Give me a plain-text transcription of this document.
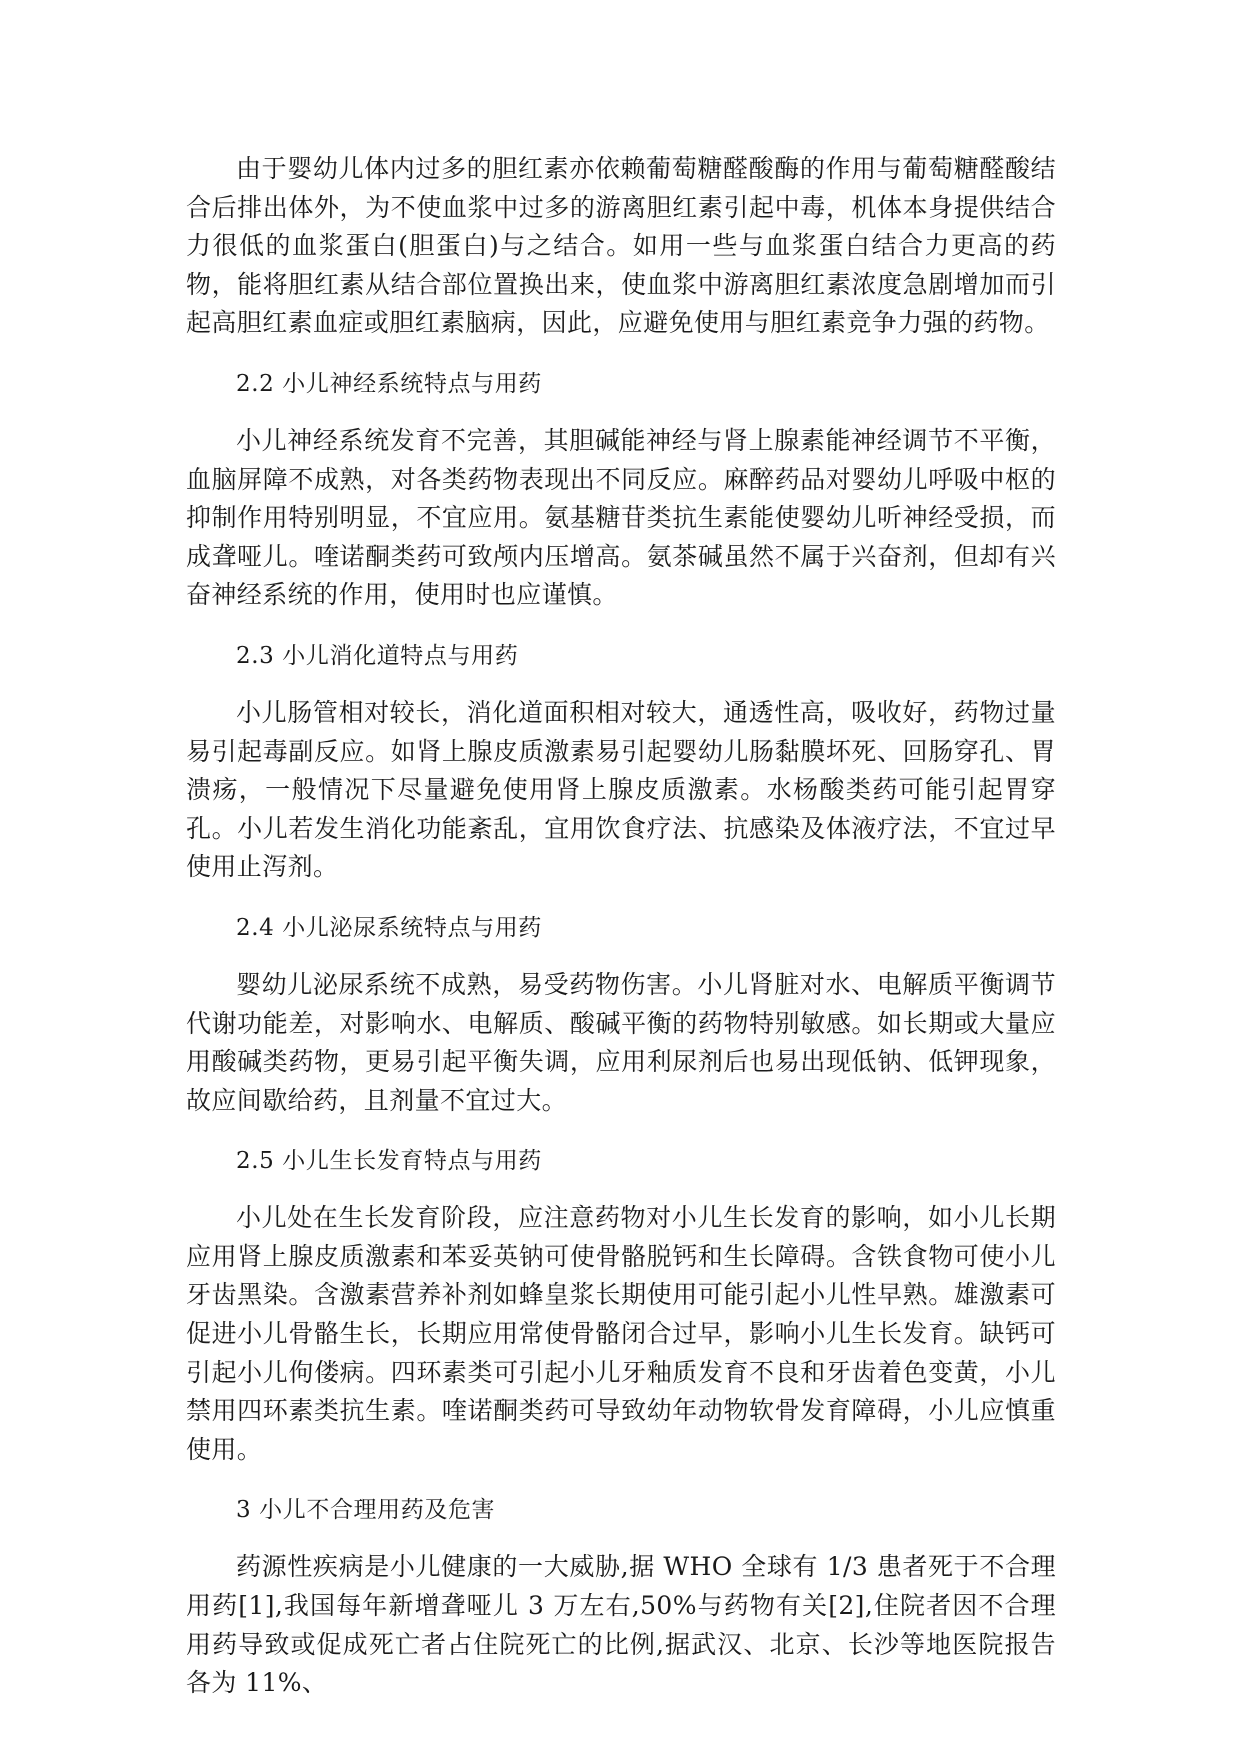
由于婴幼儿体内过多的胆红素亦依赖葡萄糖醛酸酶的作用与葡萄糖醛酸结合后排出体外，为不使血浆中过多的游离胆红素引起中毒，机体本身提供结合力很低的血浆蛋白(胆蛋白)与之结合。如用一些与血浆蛋白结合力更高的药物，能将胆红素从结合部位置换出来，使血浆中游离胆红素浓度急剧增加而引起高胆红素血症或胆红素脑病，因此，应避免使用与胆红素竞争力强的药物。

2.2 小儿神经系统特点与用药

小儿神经系统发育不完善，其胆碱能神经与肾上腺素能神经调节不平衡，血脑屏障不成熟，对各类药物表现出不同反应。麻醉药品对婴幼儿呼吸中枢的抑制作用特别明显，不宜应用。氨基糖苷类抗生素能使婴幼儿听神经受损，而成聋哑儿。喹诺酮类药可致颅内压增高。氨茶碱虽然不属于兴奋剂，但却有兴奋神经系统的作用，使用时也应谨慎。

2.3 小儿消化道特点与用药

小儿肠管相对较长，消化道面积相对较大，通透性高，吸收好，药物过量易引起毒副反应。如肾上腺皮质激素易引起婴幼儿肠黏膜坏死、回肠穿孔、胃溃疡，一般情况下尽量避免使用肾上腺皮质激素。水杨酸类药可能引起胃穿孔。小儿若发生消化功能紊乱，宜用饮食疗法、抗感染及体液疗法，不宜过早使用止泻剂。

2.4 小儿泌尿系统特点与用药

婴幼儿泌尿系统不成熟，易受药物伤害。小儿肾脏对水、电解质平衡调节代谢功能差，对影响水、电解质、酸碱平衡的药物特别敏感。如长期或大量应用酸碱类药物，更易引起平衡失调，应用利尿剂后也易出现低钠、低钾现象，故应间歇给药，且剂量不宜过大。

2.5 小儿生长发育特点与用药

小儿处在生长发育阶段，应注意药物对小儿生长发育的影响，如小儿长期应用肾上腺皮质激素和苯妥英钠可使骨骼脱钙和生长障碍。含铁食物可使小儿牙齿黑染。含激素营养补剂如蜂皇浆长期使用可能引起小儿性早熟。雄激素可促进小儿骨骼生长，长期应用常使骨骼闭合过早，影响小儿生长发育。缺钙可引起小儿佝偻病。四环素类可引起小儿牙釉质发育不良和牙齿着色变黄，小儿禁用四环素类抗生素。喹诺酮类药可导致幼年动物软骨发育障碍，小儿应慎重使用。

3 小儿不合理用药及危害

药源性疾病是小儿健康的一大威胁,据 WHO 全球有 1/3 患者死于不合理用药[1],我国每年新增聋哑儿 3 万左右,50%与药物有关[2],住院者因不合理用药导致或促成死亡者占住院死亡的比例,据武汉、北京、长沙等地医院报告各为 11%、
